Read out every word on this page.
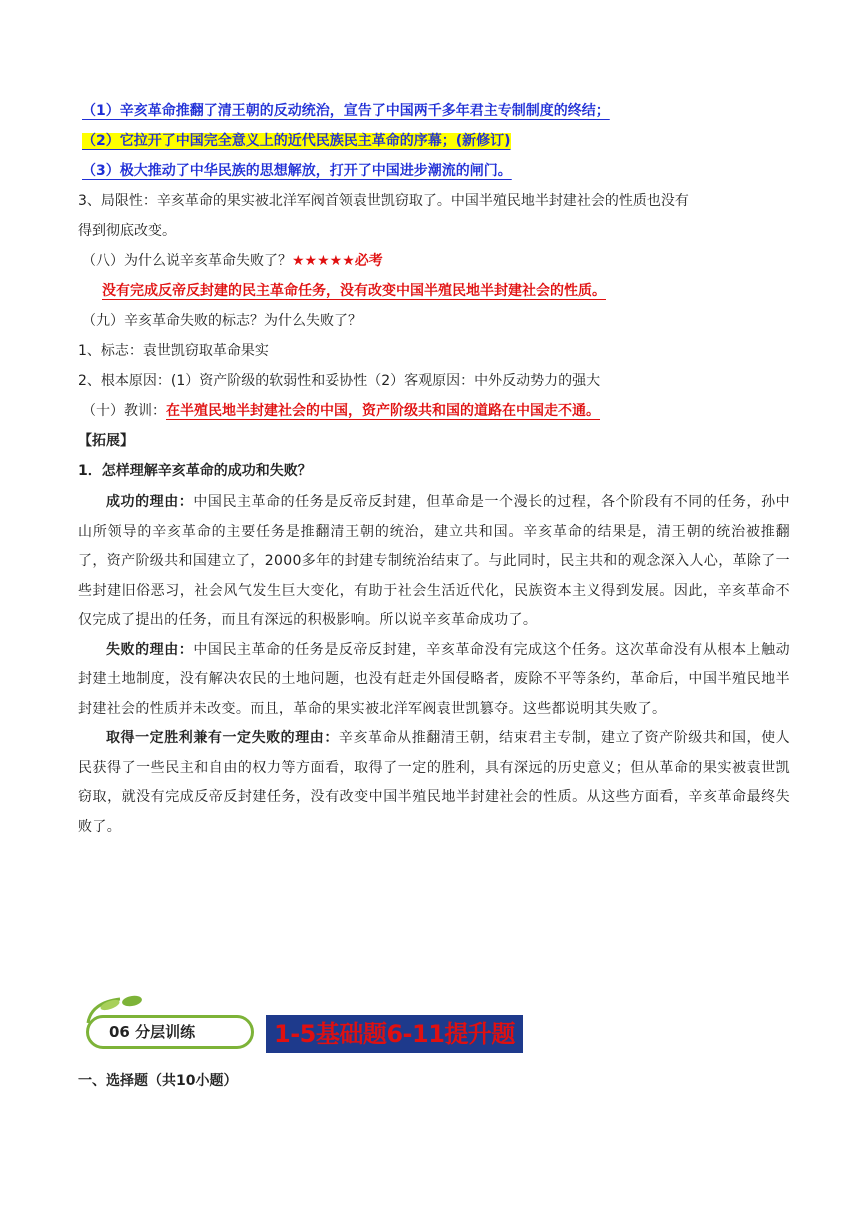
（1）辛亥革命推翻了清王朝的反动统治，宣告了中国两千多年君主专制制度的终结；
（2）它拉开了中国完全意义上的近代民族民主革命的序幕；(新修订)
（3）极大推动了中华民族的思想解放，打开了中国进步潮流的闸门。
3、局限性：辛亥革命的果实被北洋军阀首领袁世凯窃取了。中国半殖民地半封建社会的性质也没有
得到彻底改变。
（八）为什么说辛亥革命失败了？★★★★★必考
没有完成反帝反封建的民主革命任务，没有改变中国半殖民地半封建社会的性质。
（九）辛亥革命失败的标志？为什么失败了？
1、标志：袁世凯窃取革命果实
2、根本原因：(1）资产阶级的软弱性和妥协性（2）客观原因：中外反动势力的强大
（十）教训：在半殖民地半封建社会的中国，资产阶级共和国的道路在中国走不通。
【拓展】
1．怎样理解辛亥革命的成功和失败？
成功的理由：中国民主革命的任务是反帝反封建，但革命是一个漫长的过程，各个阶段有不同的任务，孙中山所领导的辛亥革命的主要任务是推翻清王朝的统治，建立共和国。辛亥革命的结果是，清王朝的统治被推翻了，资产阶级共和国建立了，2000多年的封建专制统治结束了。与此同时，民主共和的观念深入人心，革除了一些封建旧俗恶习，社会风气发生巨大变化，有助于社会生活近代化，民族资本主义得到发展。因此，辛亥革命不仅完成了提出的任务，而且有深远的积极影响。所以说辛亥革命成功了。
失败的理由：中国民主革命的任务是反帝反封建，辛亥革命没有完成这个任务。这次革命没有从根本上触动封建土地制度，没有解决农民的土地问题，也没有赶走外国侵略者，废除不平等条约，革命后，中国半殖民地半封建社会的性质并未改变。而且，革命的果实被北洋军阀袁世凯篡夺。这些都说明其失败了。
取得一定胜利兼有一定失败的理由：辛亥革命从推翻清王朝，结束君主专制，建立了资产阶级共和国，使人民获得了一些民主和自由的权力等方面看，取得了一定的胜利，具有深远的历史意义；但从革命的果实被袁世凯窃取，就没有完成反帝反封建任务，没有改变中国半殖民地半封建社会的性质。从这些方面看，辛亥革命最终失败了。
06 分层训练	1-5基础题6-11提升题
一、选择题（共10小题）
